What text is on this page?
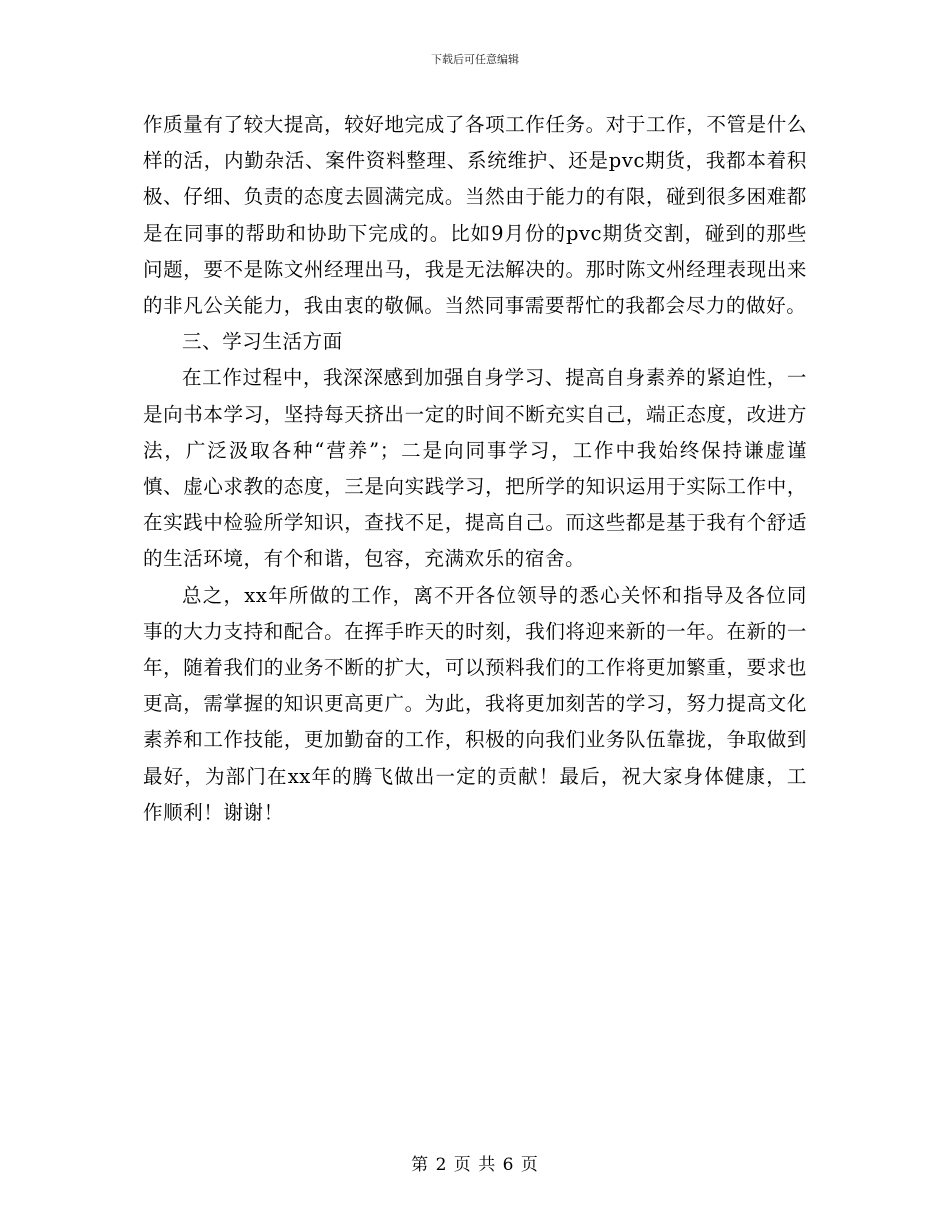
下载后可任意编辑

作质量有了较大提高，较好地完成了各项工作任务。对于工作，不管是什么样的活，内勤杂活、案件资料整理、系统维护、还是pvc期货，我都本着积极、仔细、负责的态度去圆满完成。当然由于能力的有限，碰到很多困难都是在同事的帮助和协助下完成的。比如9月份的pvc期货交割，碰到的那些问题，要不是陈文州经理出马，我是无法解决的。那时陈文州经理表现出来的非凡公关能力，我由衷的敬佩。当然同事需要帮忙的我都会尽力的做好。

三、学习生活方面

在工作过程中，我深深感到加强自身学习、提高自身素养的紧迫性，一是向书本学习，坚持每天挤出一定的时间不断充实自己，端正态度，改进方法，广泛汲取各种“营养”；二是向同事学习，工作中我始终保持谦虚谨慎、虚心求教的态度，三是向实践学习，把所学的知识运用于实际工作中，在实践中检验所学知识，查找不足，提高自己。而这些都是基于我有个舒适的生活环境，有个和谐，包容，充满欢乐的宿舍。

总之，xx年所做的工作，离不开各位领导的悉心关怀和指导及各位同事的大力支持和配合。在挥手昨天的时刻，我们将迎来新的一年。在新的一年，随着我们的业务不断的扩大，可以预料我们的工作将更加繁重，要求也更高，需掌握的知识更高更广。为此，我将更加刻苦的学习，努力提高文化素养和工作技能，更加勤奋的工作，积极的向我们业务队伍靠拢，争取做到最好，为部门在xx年的腾飞做出一定的贡献！最后，祝大家身体健康，工作顺利！谢谢！

第 2 页 共 6 页
